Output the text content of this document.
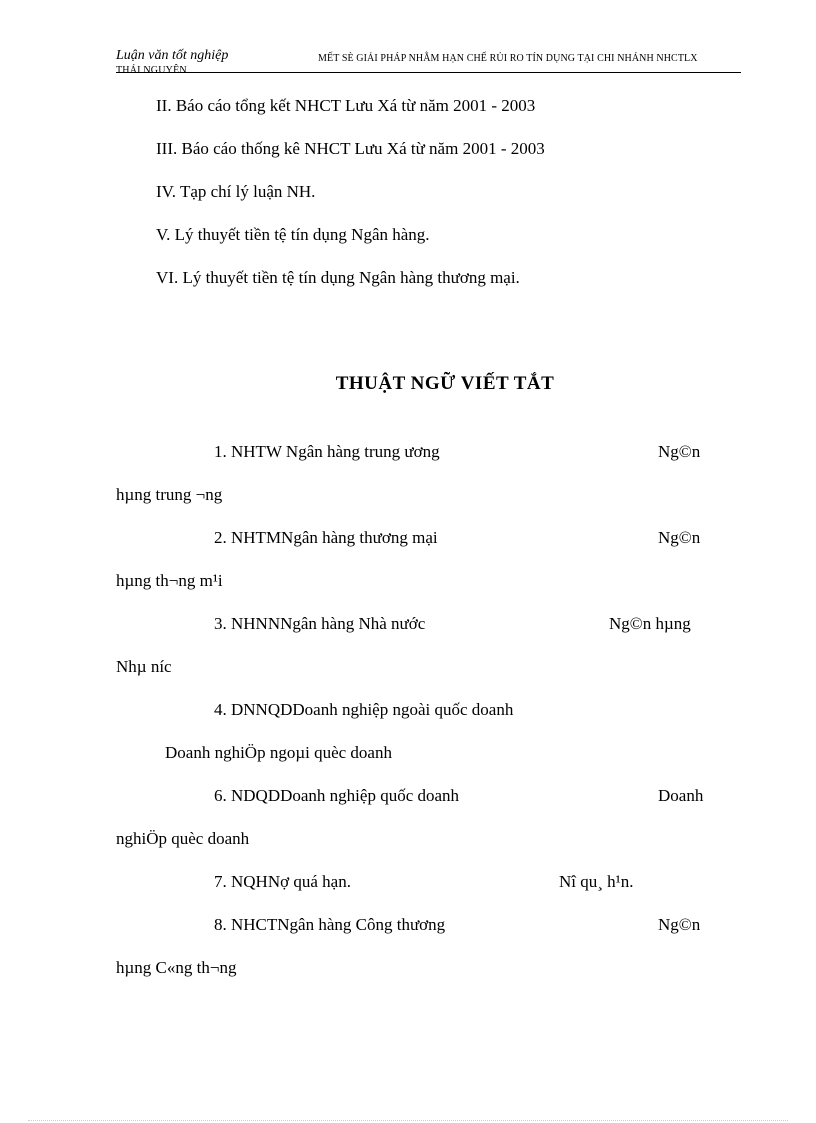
Luận văn tốt nghiệp
THÁI NGUYÊN
MẾT SÈ GIẢI PHÁP NHẰM HẠN CHẾ RỦI RO TÍN DỤNG TẠI CHI NHÁNH NHCTLX
II. Báo cáo tổng kết NHCT Lưu Xá từ năm 2001 - 2003
III. Báo cáo thống kê NHCT Lưu Xá từ năm 2001 - 2003
IV. Tạp chí lý luận NH.
V. Lý thuyết tiền tệ tín dụng Ngân hàng.
VI. Lý thuyết tiền tệ tín dụng Ngân hàng thương mại.
THUẬT NGỮ VIẾT TẮT
1. NHTW Ngân hàng trung ương	Ng©n
hµng trung ¬ng
2. NHTMNgân hàng thương mại	Ng©n
hµng th¬ng m¹i
3. NHNNNgân hàng Nhà nước	Ng©n hµng
Nhµ níc
4. DNNQDDoanh nghiệp ngoài quốc doanh
Doanh nghiÖp ngoµi quèc doanh
6. NDQDDoanh nghiệp quốc doanh	Doanh
nghiÖp quèc doanh
7. NQHNợ quá hạn.	Nî qu¸ h¹n.
8. NHCTNgân hàng Công thương	Ng©n
hµng C«ng th¬ng
